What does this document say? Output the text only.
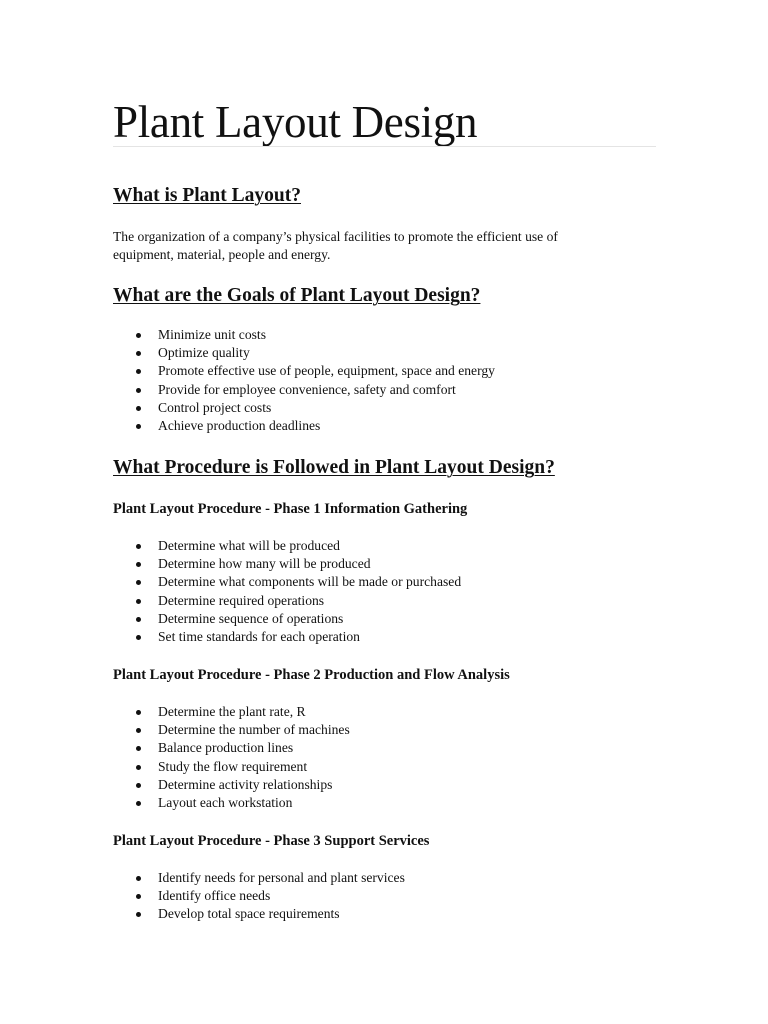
Plant Layout Design
What is Plant Layout?

The organization of a company’s physical facilities to promote the efficient use of
equipment, material, people and energy.

What are the Goals of Plant Layout Design?
Minimize unit costs
Optimize quality
Promote effective use of people, equipment, space and energy
Provide for employee convenience, safety and comfort
Control project costs
Achieve production deadlines
What Procedure is Followed in Plant Layout Design?
Plant Layout Procedure - Phase 1 Information Gathering
Determine what will be produced
Determine how many will be produced
Determine what components will be made or purchased
Determine required operations
Determine sequence of operations
Set time standards for each operation
Plant Layout Procedure - Phase 2 Production and Flow Analysis
Determine the plant rate, R
Determine the number of machines
Balance production lines
Study the flow requirement
Determine activity relationships
Layout each workstation
Plant Layout Procedure - Phase 3 Support Services
Identify needs for personal and plant services
Identify office needs
Develop total space requirements
